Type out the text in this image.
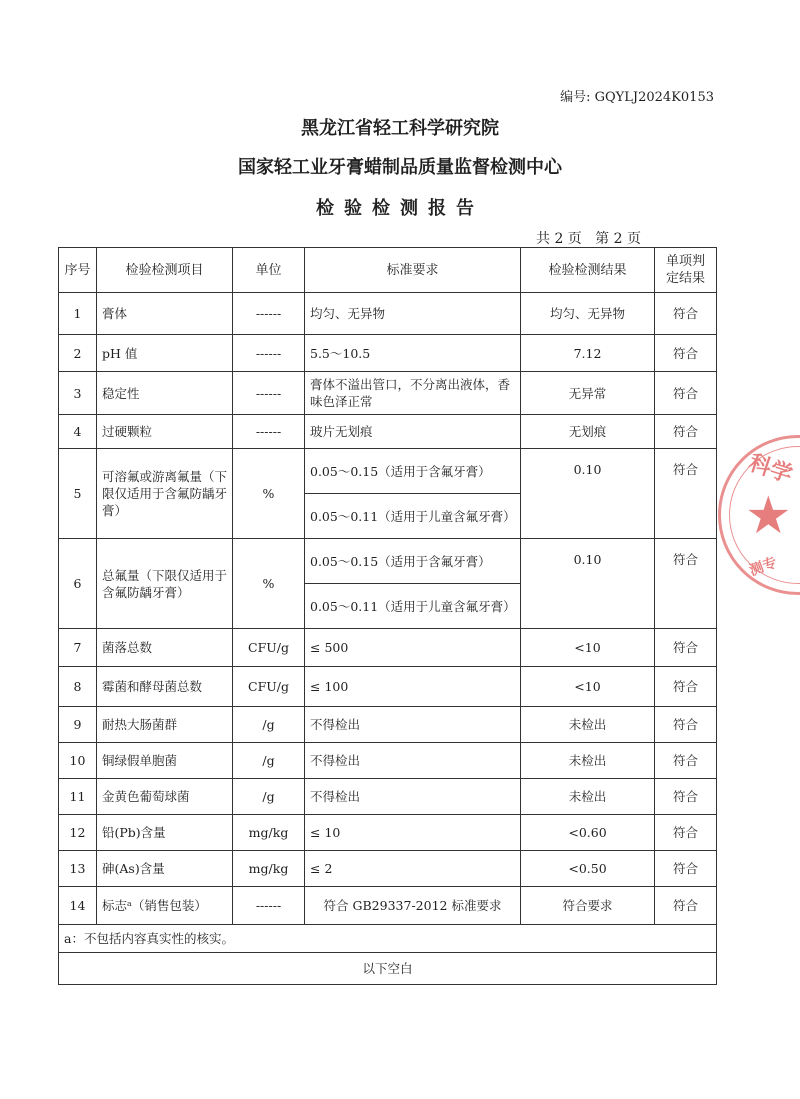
编号: GQYLJ2024K0153
黑龙江省轻工科学研究院
国家轻工业牙膏蜡制品质量监督检测中心
检验检测报告
共 2 页 第 2 页
序号	检验检测项目	单位	标准要求	检验检测结果	单项判定结果
1	膏体	------	均匀、无异物	均匀、无异物	符合
2	pH 值	------	5.5～10.5	7.12	符合
3	稳定性	------	膏体不溢出管口，不分离出液体，香味色泽正常	无异常	符合
4	过硬颗粒	------	玻片无划痕	无划痕	符合
5	可溶氟或游离氟量（下限仅适用于含氟防龋牙膏）	%	0.05～0.15（适用于含氟牙膏）	0.10	符合
			0.05～0.11（适用于儿童含氟牙膏）		
6	总氟量（下限仅适用于含氟防龋牙膏）	%	0.05～0.15（适用于含氟牙膏）	0.10	符合
			0.05～0.11（适用于儿童含氟牙膏）		
7	菌落总数	CFU/g	≤ 500	<10	符合
8	霉菌和酵母菌总数	CFU/g	≤ 100	<10	符合
9	耐热大肠菌群	/g	不得检出	未检出	符合
10	铜绿假单胞菌	/g	不得检出	未检出	符合
11	金黄色葡萄球菌	/g	不得检出	未检出	符合
12	铅(Pb)含量	mg/kg	≤ 10	<0.60	符合
13	砷(As)含量	mg/kg	≤ 2	<0.50	符合
14	标志ᵃ（销售包装）	------	符合 GB29337-2012 标准要求	符合要求	符合
a：不包括内容真实性的核实。					
以下空白					
科学
★
测专
